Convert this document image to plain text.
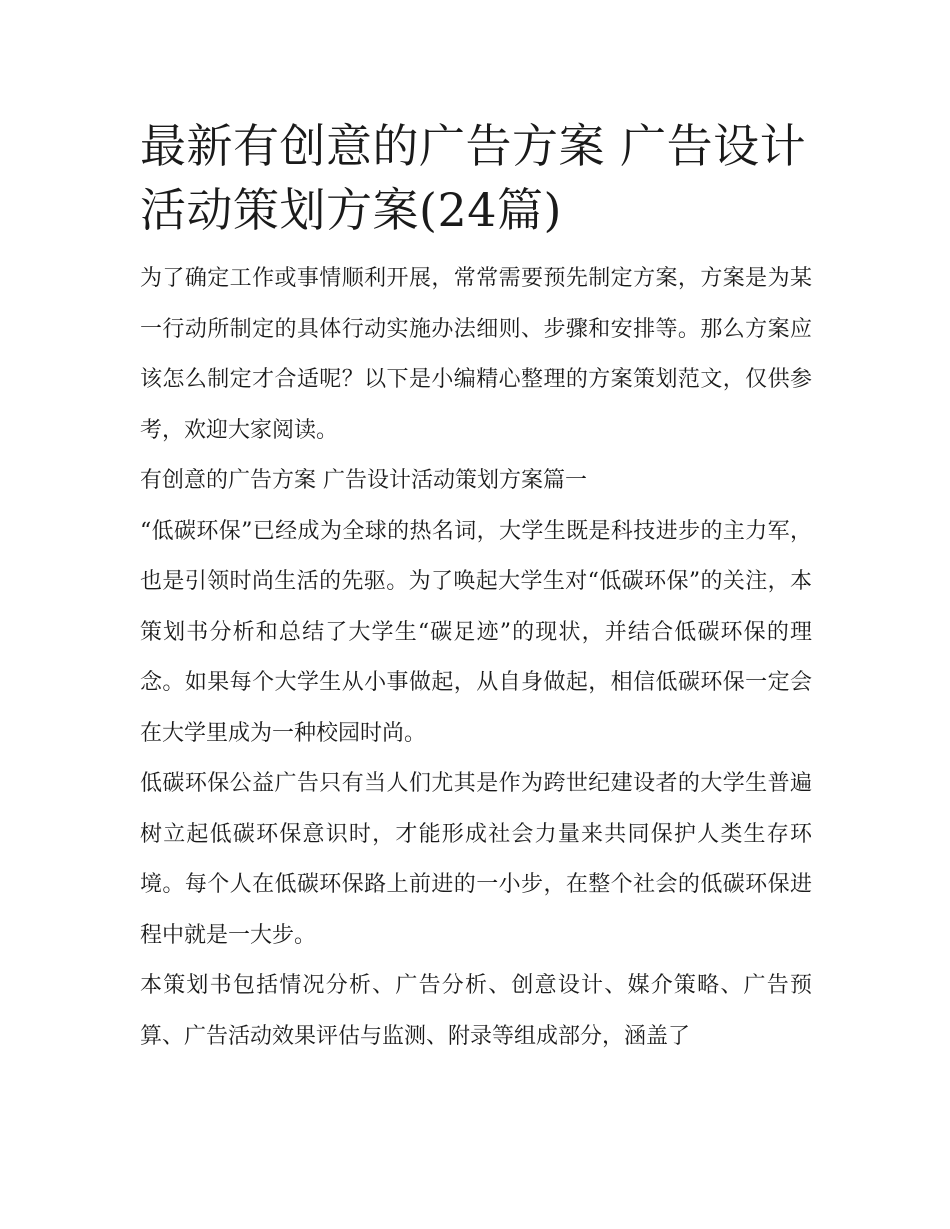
最新有创意的广告方案 广告设计活动策划方案(24篇)

为了确定工作或事情顺利开展，常常需要预先制定方案，方案是为某一行动所制定的具体行动实施办法细则、步骤和安排等。那么方案应该怎么制定才合适呢？以下是小编精心整理的方案策划范文，仅供参考，欢迎大家阅读。

有创意的广告方案 广告设计活动策划方案篇一

“低碳环保”已经成为全球的热名词，大学生既是科技进步的主力军，也是引领时尚生活的先驱。为了唤起大学生对“低碳环保”的关注，本策划书分析和总结了大学生“碳足迹”的现状，并结合低碳环保的理念。如果每个大学生从小事做起，从自身做起，相信低碳环保一定会在大学里成为一种校园时尚。

低碳环保公益广告只有当人们尤其是作为跨世纪建设者的大学生普遍树立起低碳环保意识时，才能形成社会力量来共同保护人类生存环境。每个人在低碳环保路上前进的一小步，在整个社会的低碳环保进程中就是一大步。

本策划书包括情况分析、广告分析、创意设计、媒介策略、广告预算、广告活动效果评估与监测、附录等组成部分，涵盖了
